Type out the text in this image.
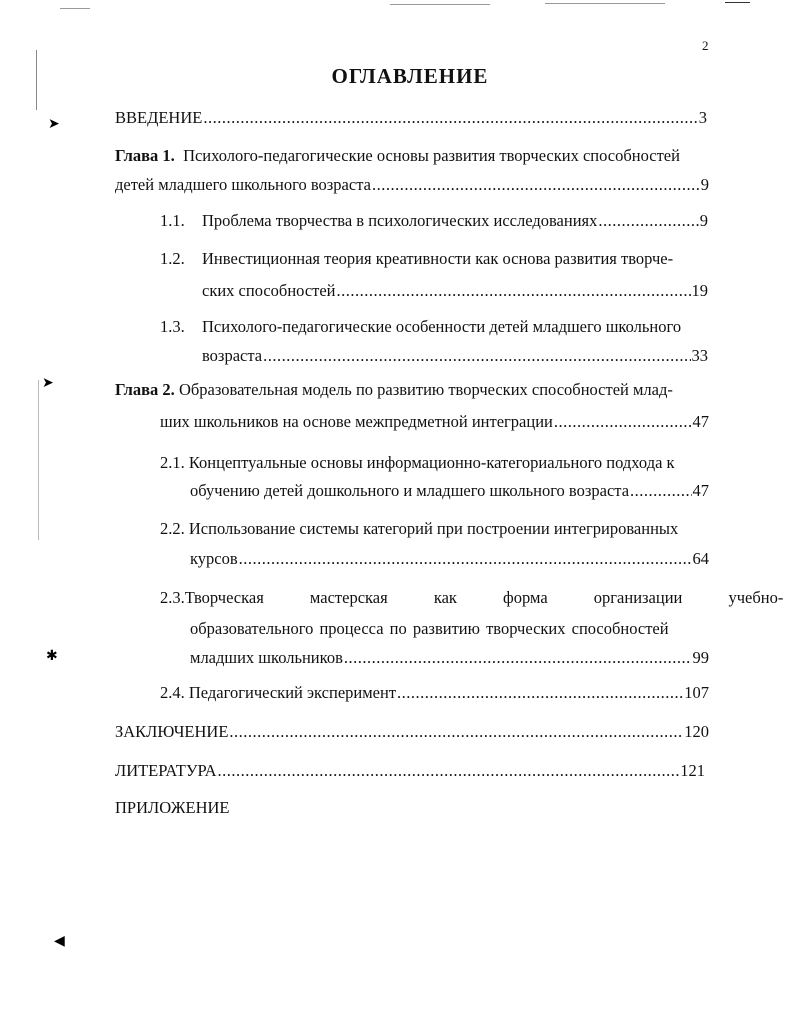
➤
➤
✱
◀
2
ОГЛАВЛЕНИЕ
ВВЕДЕНИЕ .....	3
Глава 1.
Психолого-педагогические основы развития творческих способностей
детей младшего школьного возраста .....	9
1.1.	Проблема творчества в психологических исследованиях .....	9
1.2.	Инвестиционная теория креативности как основа развития творче-
ских способностей .....	19
1.3.	Психолого-педагогические особенности детей младшего школьного
возраста .....	33
Глава 2.
Образовательная модель по развитию творческих способностей млад-
ших школьников на основе межпредметной интеграции .....	47
2.1.
Концептуальные основы информационно-категориального подхода к
обучению детей дошкольного и младшего школьного возраста .....	47
2.2.
Использование системы категорий при построении интегрированных
курсов .....	64
2.3. Творческая мастерская как форма организации учебно-
образовательного процесса по развитию творческих способностей
младших школьников .....	99
2.4.
Педагогический эксперимент .....	107
ЗАКЛЮЧЕНИЕ .....	120
ЛИТЕРАТУРА .....	121
ПРИЛОЖЕНИЕ
